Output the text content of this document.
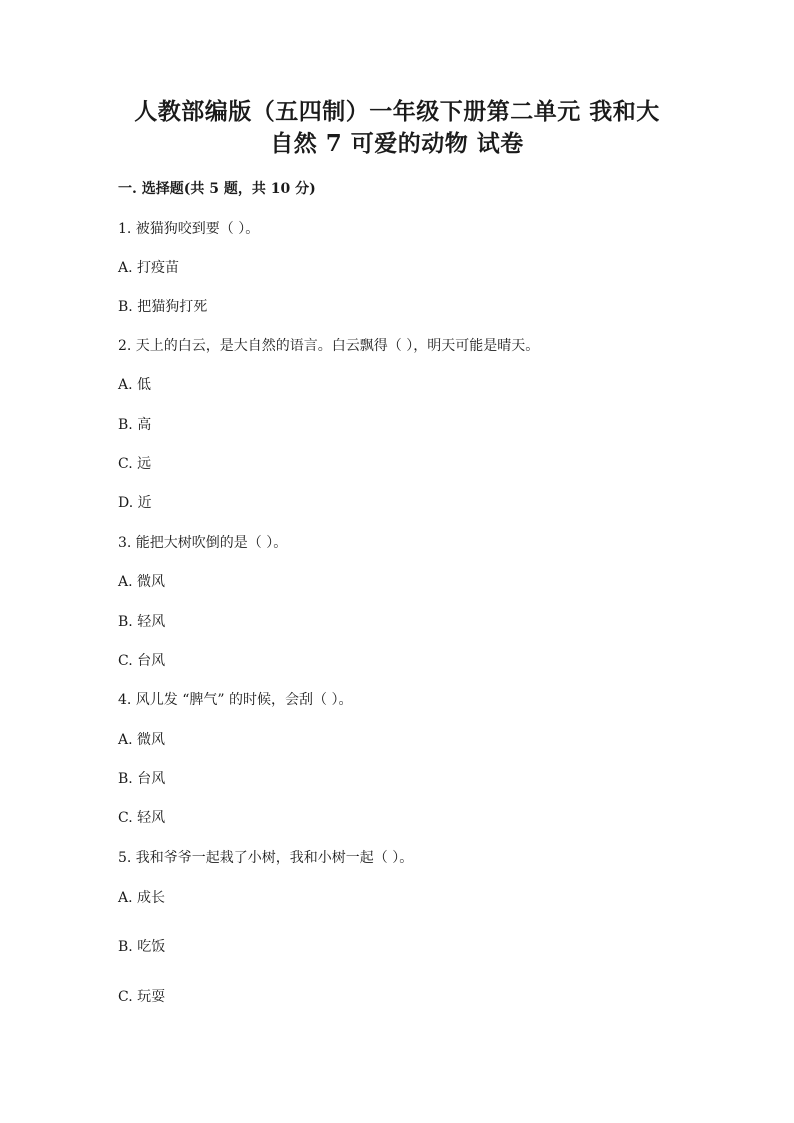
人教部编版（五四制）一年级下册第二单元 我和大
自然 7 可爱的动物 试卷
一. 选择题(共 5 题，共 10 分)
1. 被猫狗咬到要（ ）。
A. 打疫苗
B. 把猫狗打死
2. 天上的白云，是大自然的语言。白云飘得（ ），明天可能是晴天。
A. 低
B. 高
C. 远
D. 近
3. 能把大树吹倒的是（ ）。
A. 微风
B. 轻风
C. 台风
4. 风儿发 “脾气” 的时候，会刮（ ）。
A. 微风
B. 台风
C. 轻风
5. 我和爷爷一起栽了小树，我和小树一起（ ）。
A. 成长
B. 吃饭
C. 玩耍
